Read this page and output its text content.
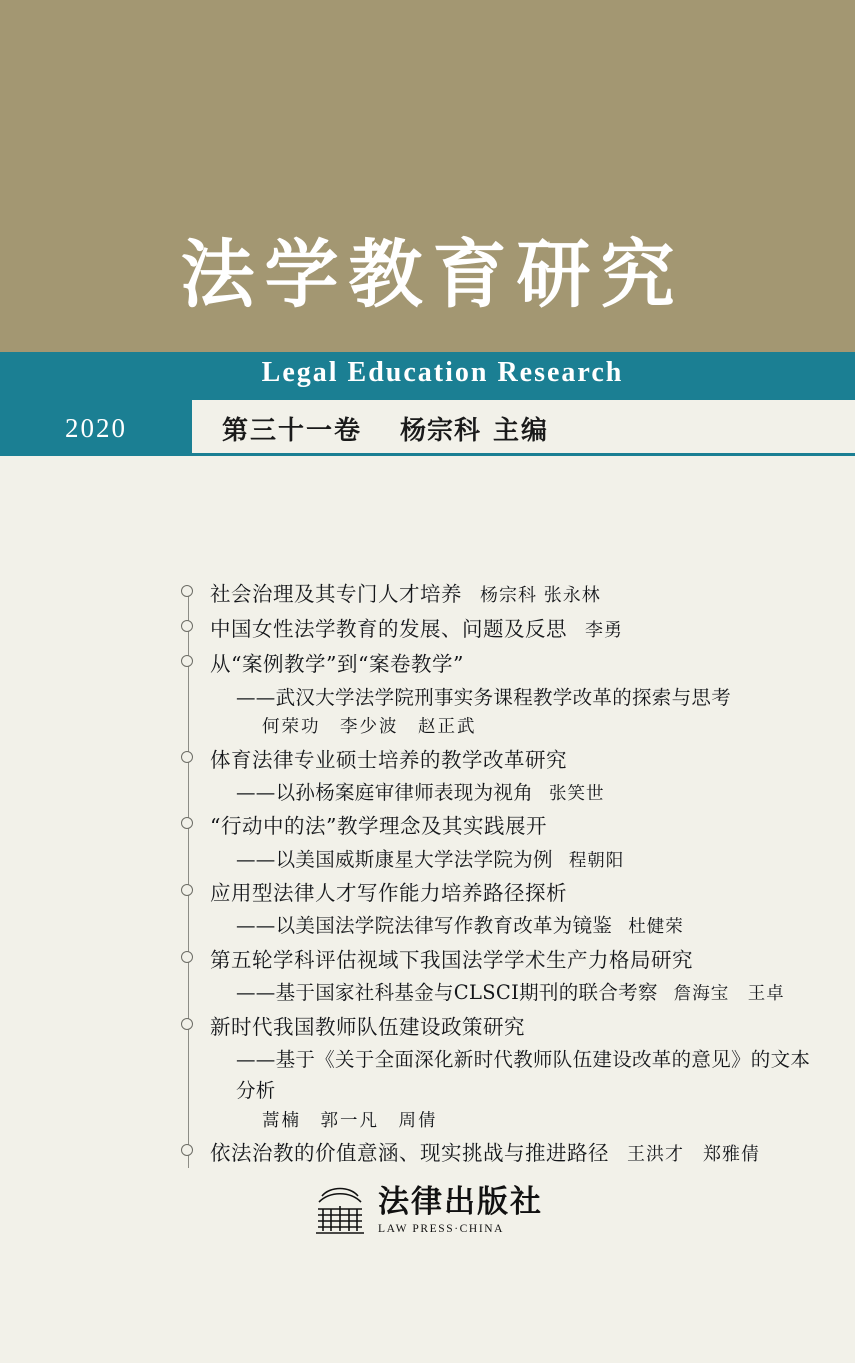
法学教育研究
Legal Education Research
2020	第三十一卷 杨宗科 主编
社会治理及其专门人才培养 杨宗科 张永林
中国女性法学教育的发展、问题及反思 李勇
从“案例教学”到“案卷教学”
——武汉大学法学院刑事实务课程教学改革的探索与思考
何荣功　李少波　赵正武
体育法律专业硕士培养的教学改革研究
——以孙杨案庭审律师表现为视角 张笑世
“行动中的法”教学理念及其实践展开
——以美国威斯康星大学法学院为例 程朝阳
应用型法律人才写作能力培养路径探析
——以美国法学院法律写作教育改革为镜鉴 杜健荣
第五轮学科评估视域下我国法学学术生产力格局研究
——基于国家社科基金与CLSCI期刊的联合考察 詹海宝　王卓
新时代我国教师队伍建设政策研究
——基于《关于全面深化新时代教师队伍建设改革的意见》的文本分析
蒿楠　郭一凡　周倩
依法治教的价值意涵、现实挑战与推进路径 王洪才　郑雅倩
法律出版社
LAW PRESS·CHINA
